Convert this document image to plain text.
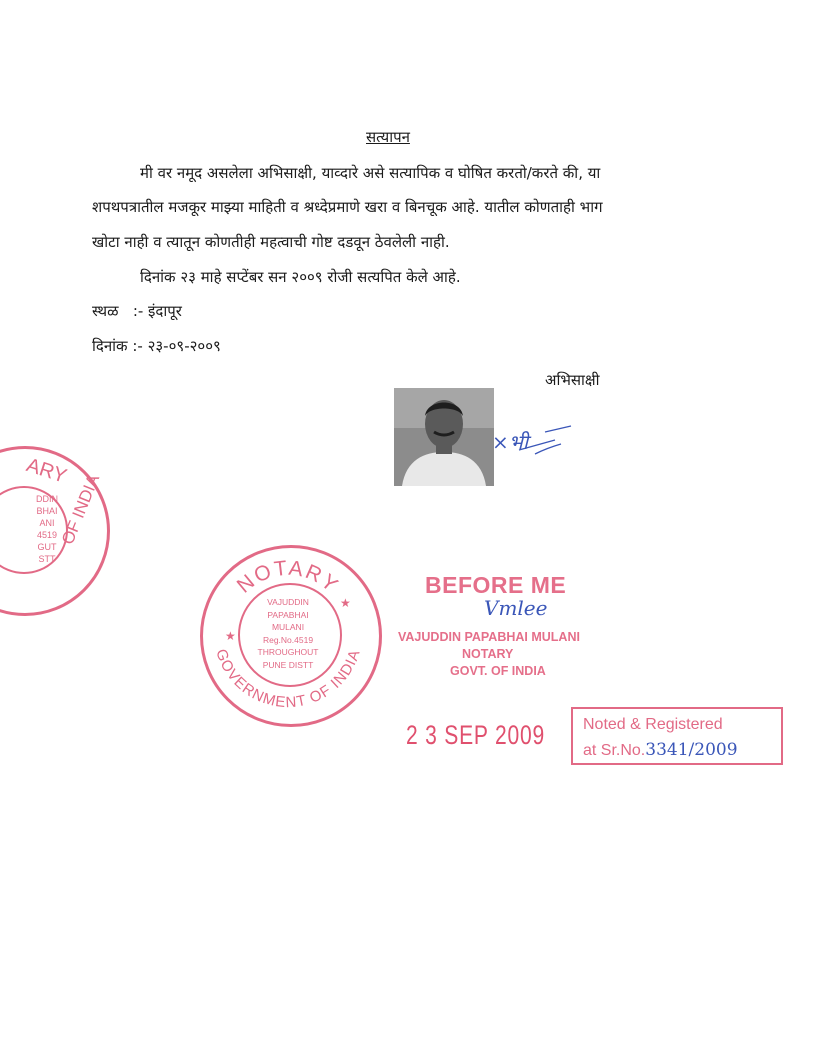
सत्यापन
मी वर नमूद असलेला अभिसाक्षी, याव्दारे असे सत्यापिक व घोषित करतो/करते की, या
शपथपत्रातील मजकूर माझ्या माहिती व श्रध्देप्रमाणे खरा व बिनचूक आहे. यातील कोणताही भाग
खोटा नाही व त्यातून कोणतीही महत्वाची गोष्ट दडवून ठेवलेली नाही.
दिनांक २३ माहे सप्टेंबर सन २००९ रोजी सत्यपित केले आहे.
स्थळ   :- इंदापूर
दिनांक :- २३-०९-२००९
अभिसाक्षी
×भी
ARY
OF INDIA
DDIN
BHAI
ANI
4519
GUT
STT
NOTARY
GOVERNMENT OF INDIA
★
★
VAJUDDIN
PAPABHAI
MULANI
Reg.No.4519
THROUGHOUT
PUNE DISTT
BEFORE ME
Vmlee
VAJUDDIN PAPABHAI MULANI
NOTARY
GOVT. OF INDIA
2 3 SEP 2009 Noted & Registered
at Sr.No.3341/2009
